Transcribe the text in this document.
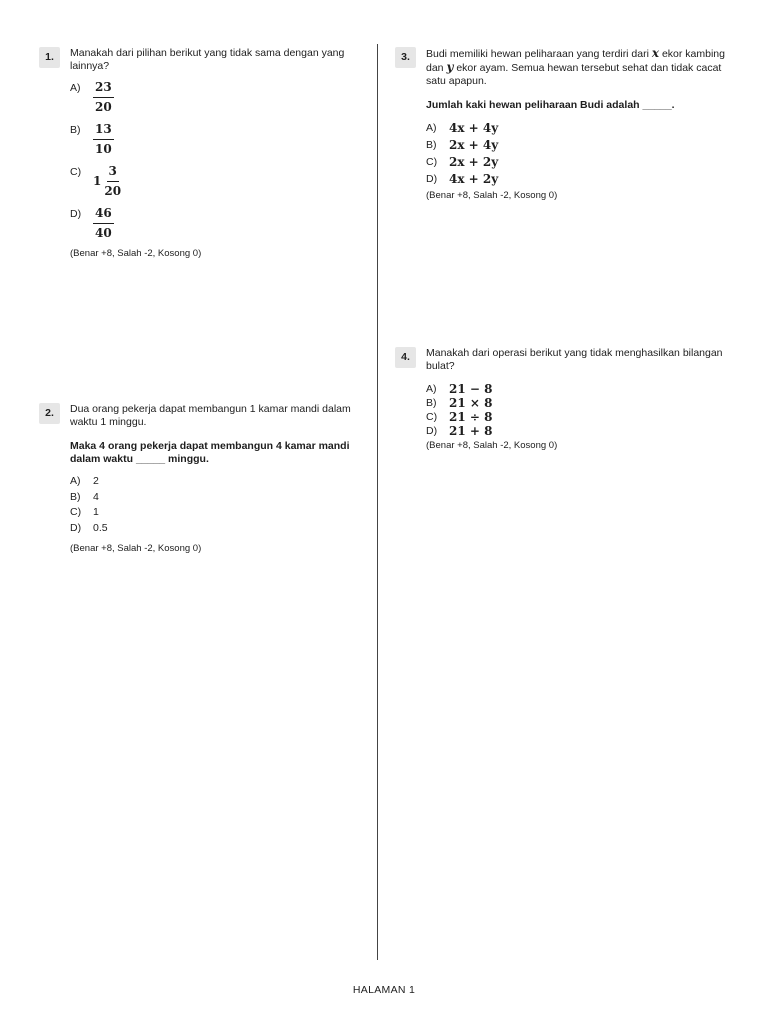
1.	Manakah dari pilihan berikut yang tidak sama dengan yang lainnya?

A)	$\frac{23}{20}$
B)	$\frac{13}{10}$
C)
$1 \frac{3}{20}$
$D) \frac{46}{40}$
(Benar +8, Salah -2, Kosong 0)
2.	Dua orang pekerja dapat membangun 1 kamar mandi dalam waktu 1 minggu.

Maka 4 orang pekerja dapat membangun 4 kamar mandi dalam waktu _____ minggu.

A)	2
B)	4
C)	1
D)	0.5
(Benar +8, Salah -2, Kosong 0)
3.	Budi memiliki hewan peliharaan yang terdiri dari x ekor kambing dan y ekor ayam. Semua hewan tersebut sehat dan tidak cacat satu apapun.

Jumlah kaki hewan peliharaan Budi adalah _____.

A)	4x + 4y
B)	2x + 4y
C) 2x + 2y
D) 4x + 2y
(Benar +8, Salah -2, Kosong 0)
4.	Manakah dari operasi berikut yang tidak menghasilkan bilangan bulat?

A)	21 − 8
B)	21 × 8
C) 21 ÷ 8
D) 21 + 8
(Benar +8, Salah -2, Kosong 0)
HALAMAN 1
